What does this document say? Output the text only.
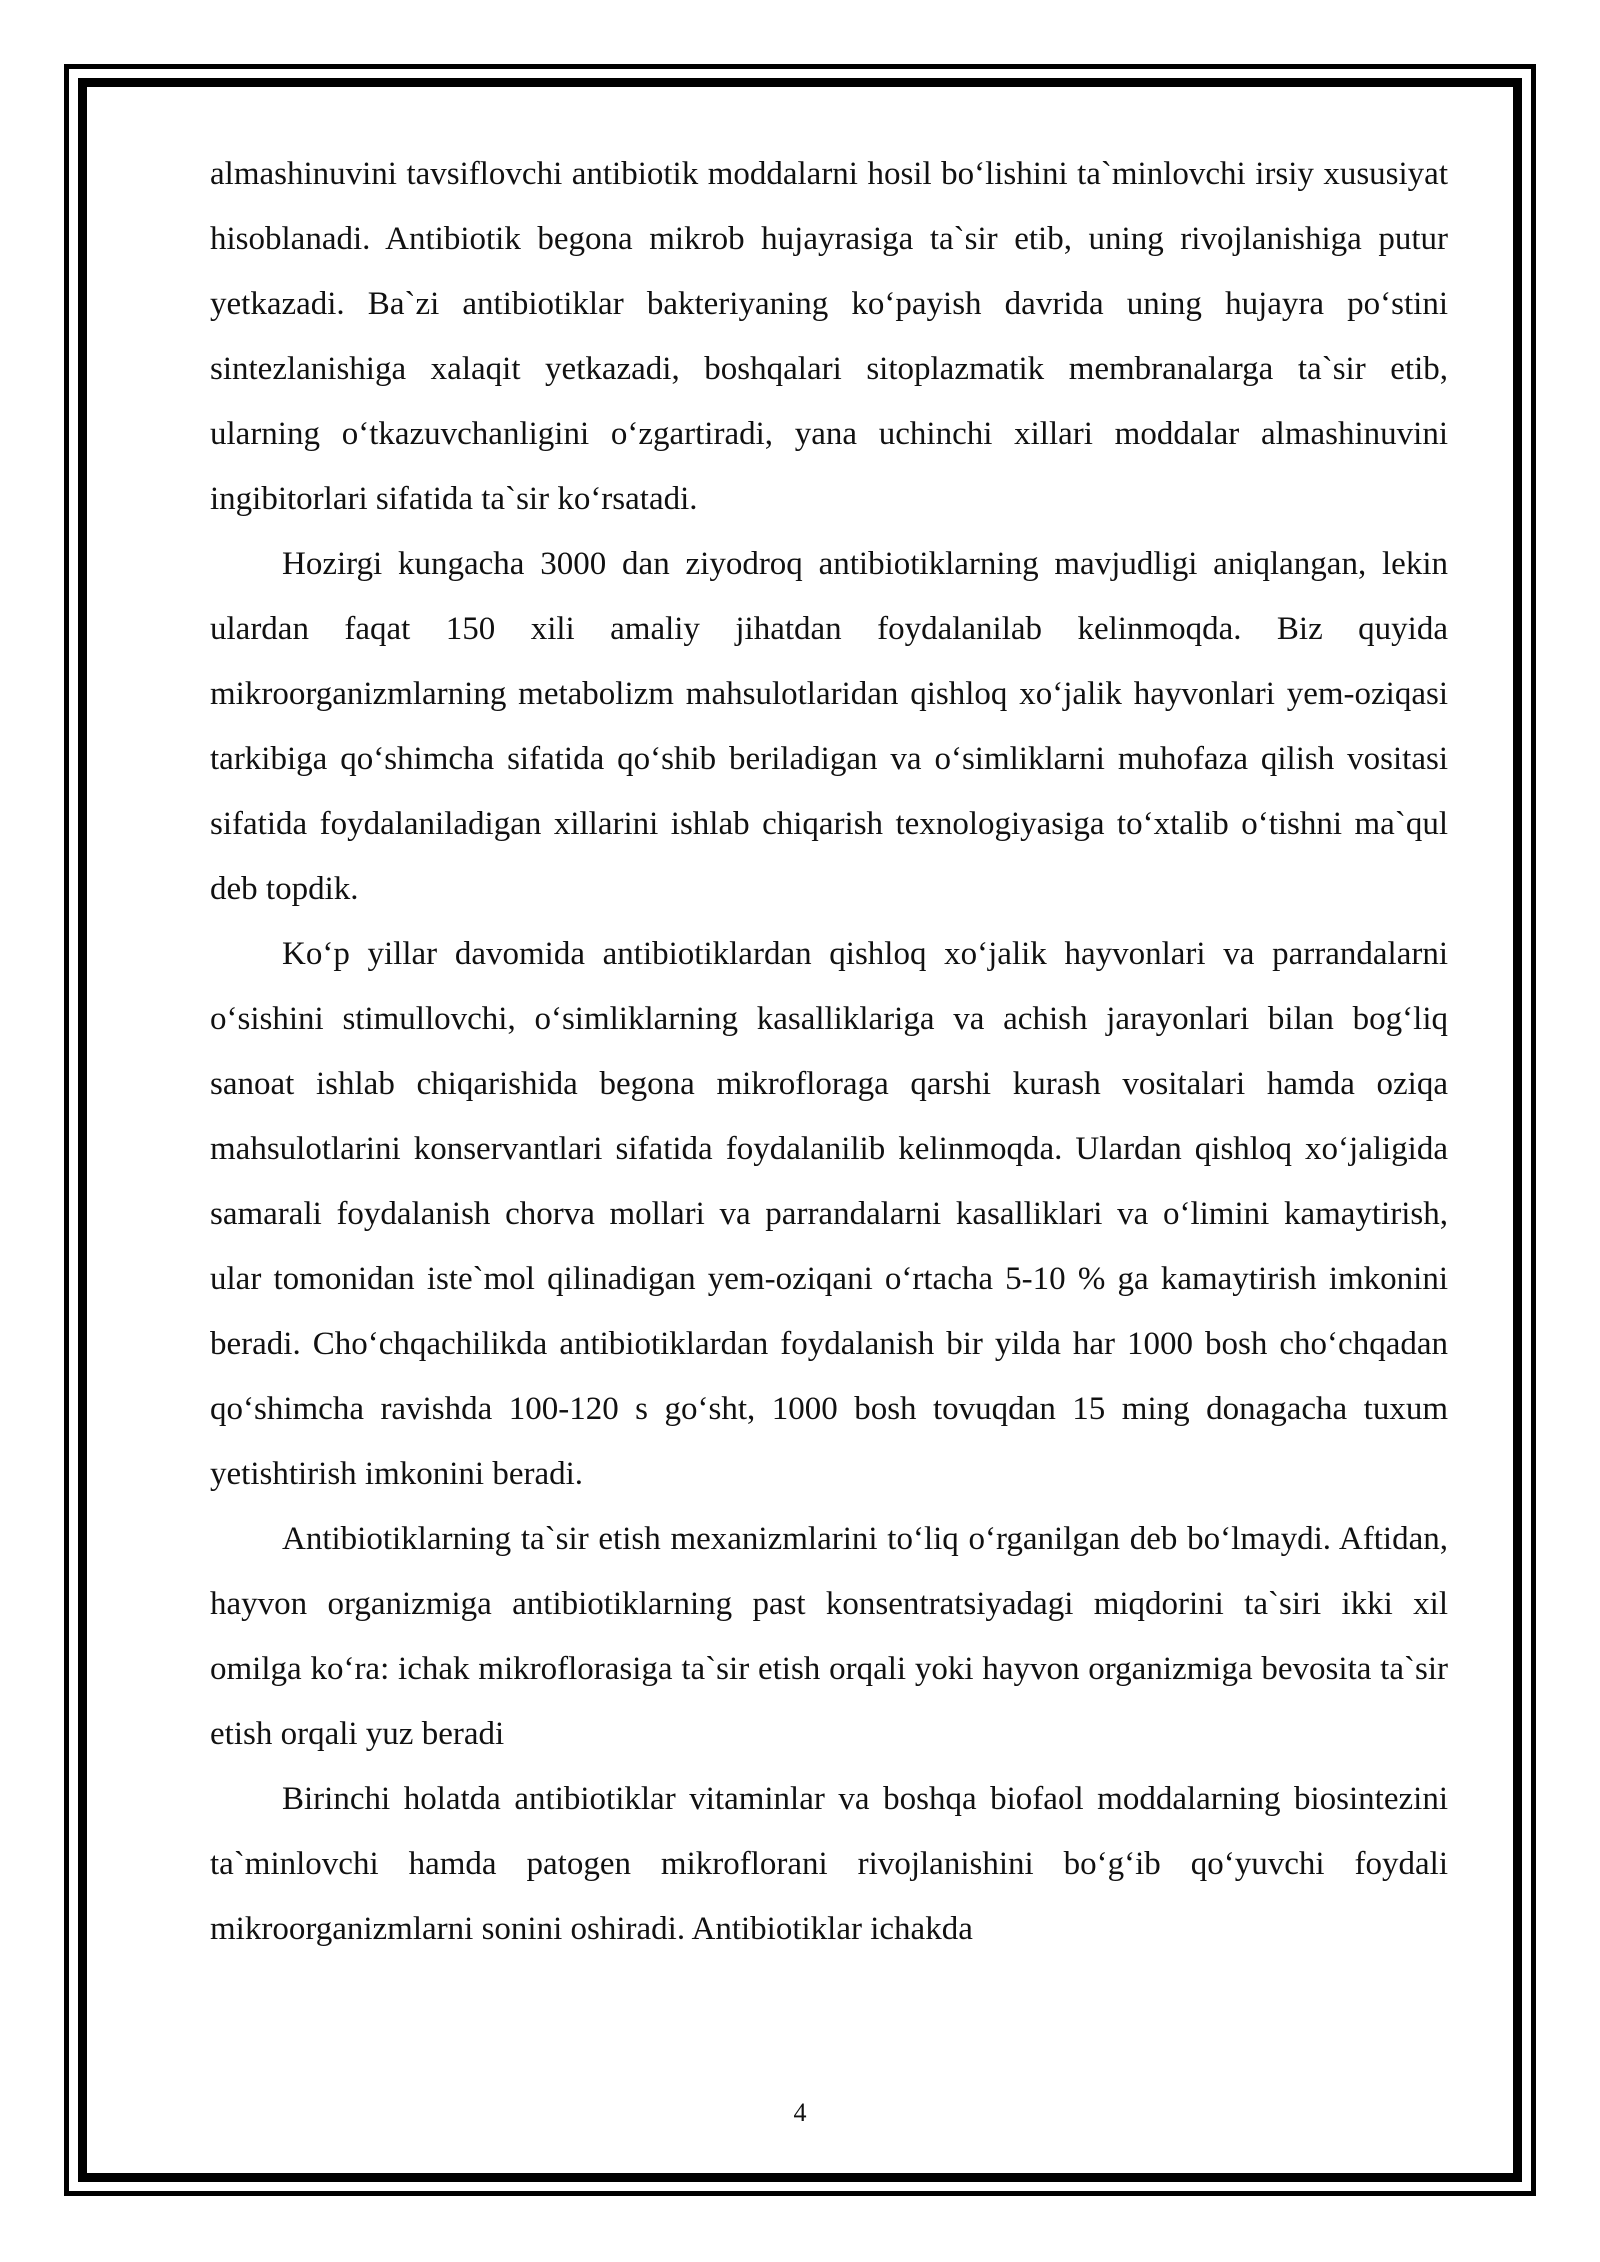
almashinuvini tavsiflovchi antibiotik moddalarni hosil bo‘lishini ta`minlovchi irsiy xususiyat hisoblanadi. Antibiotik begona mikrob hujayrasiga ta`sir etib, uning rivojlanishiga putur yetkazadi. Ba`zi antibiotiklar bakteriyaning ko‘payish davrida uning hujayra po‘stini sintezlanishiga xalaqit yetkazadi, boshqalari sitoplazmatik membranalarga ta`sir etib, ularning o‘tkazuvchanligini o‘zgartiradi, yana uchinchi xillari moddalar almashinuvini ingibitorlari sifatida ta`sir ko‘rsatadi.

Hozirgi kungacha 3000 dan ziyodroq antibiotiklarning mavjudligi aniqlangan, lekin ulardan faqat 150 xili amaliy jihatdan foydalanilab kelinmoqda. Biz quyida mikroorganizmlarning metabolizm mahsulotlaridan qishloq xo‘jalik hayvonlari yem-oziqasi tarkibiga qo‘shimcha sifatida qo‘shib beriladigan va o‘simliklarni muhofaza qilish vositasi sifatida foydalaniladigan xillarini ishlab chiqarish texnologiyasiga to‘xtalib o‘tishni ma`qul deb topdik.

Ko‘p yillar davomida antibiotiklardan qishloq xo‘jalik hayvonlari va parrandalarni o‘sishini stimullovchi, o‘simliklarning kasalliklariga va achish jarayonlari bilan bog‘liq sanoat ishlab chiqarishida begona mikrofloraga qarshi kurash vositalari hamda oziqa mahsulotlarini konservantlari sifatida foydalanilib kelinmoqda. Ulardan qishloq xo‘jaligida samarali foydalanish chorva mollari va parrandalarni kasalliklari va o‘limini kamaytirish, ular tomonidan iste`mol qilinadigan yem-oziqani o‘rtacha 5-10 % ga kamaytirish imkonini beradi. Cho‘chqachilikda antibiotiklardan foydalanish bir yilda har 1000 bosh cho‘chqadan qo‘shimcha ravishda 100-120 s go‘sht, 1000 bosh tovuqdan 15 ming donagacha tuxum yetishtirish imkonini beradi.

Antibiotiklarning ta`sir etish mexanizmlarini to‘liq o‘rganilgan deb bo‘lmaydi. Aftidan, hayvon organizmiga antibiotiklarning past konsentratsiyadagi miqdorini ta`siri ikki xil omilga ko‘ra: ichak mikroflorasiga ta`sir etish orqali yoki hayvon organizmiga bevosita ta`sir etish orqali yuz beradi

Birinchi holatda antibiotiklar vitaminlar va boshqa biofaol moddalarning biosintezini ta`minlovchi hamda patogen mikroflorani rivojlanishini bo‘g‘ib qo‘yuvchi foydali mikroorganizmlarni sonini oshiradi. Antibiotiklar ichakda

4
